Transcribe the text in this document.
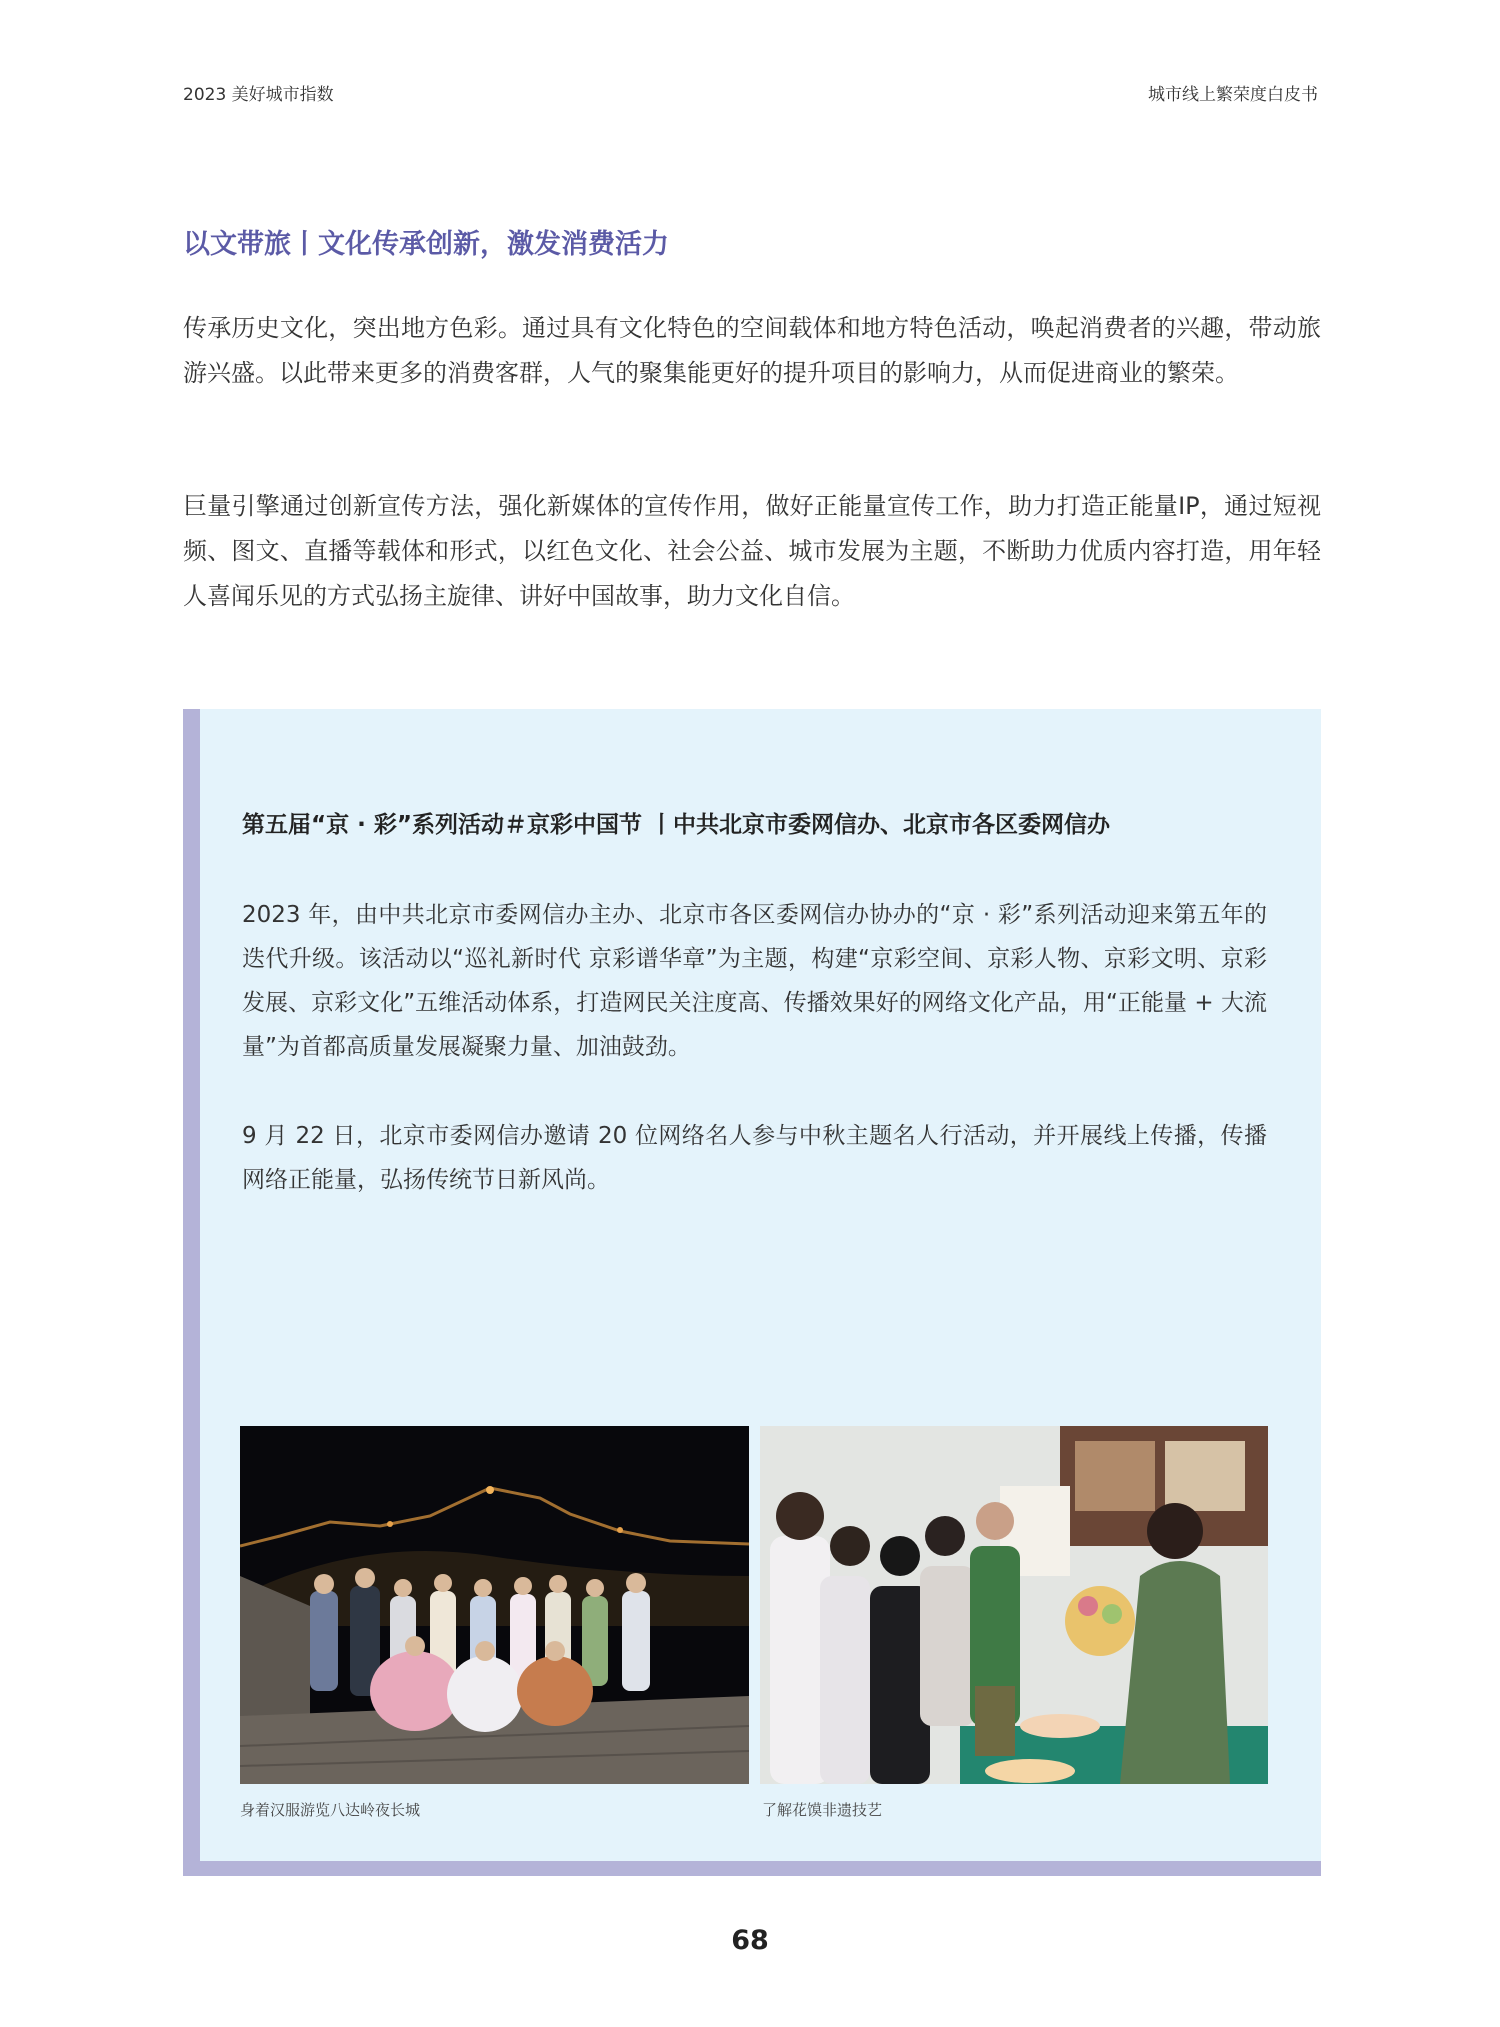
2023 美好城市指数	城市线上繁荣度白皮书
以文带旅丨文化传承创新，激发消费活力

传承历史文化，突出地方色彩。通过具有文化特色的空间载体和地方特色活动，唤起消费者的兴趣，带动旅游兴盛。以此带来更多的消费客群，人气的聚集能更好的提升项目的影响力，从而促进商业的繁荣。

巨量引擎通过创新宣传方法，强化新媒体的宣传作用，做好正能量宣传工作，助力打造正能量IP，通过短视频、图文、直播等载体和形式，以红色文化、社会公益、城市发展为主题，不断助力优质内容打造，用年轻人喜闻乐见的方式弘扬主旋律、讲好中国故事，助力文化自信。

第五届“京 · 彩”系列活动＃京彩中国节 丨中共北京市委网信办、北京市各区委网信办

2023 年，由中共北京市委网信办主办、北京市各区委网信办协办的“京 · 彩”系列活动迎来第五年的迭代升级。该活动以“巡礼新时代 京彩谱华章”为主题，构建“京彩空间、京彩人物、京彩文明、京彩发展、京彩文化”五维活动体系，打造网民关注度高、传播效果好的网络文化产品，用“正能量 + 大流量”为首都高质量发展凝聚力量、加油鼓劲。

9 月 22 日，北京市委网信办邀请 20 位网络名人参与中秋主题名人行活动，并开展线上传播，传播网络正能量，弘扬传统节日新风尚。

身着汉服游览八达岭夜长城	了解花馍非遗技艺
68
